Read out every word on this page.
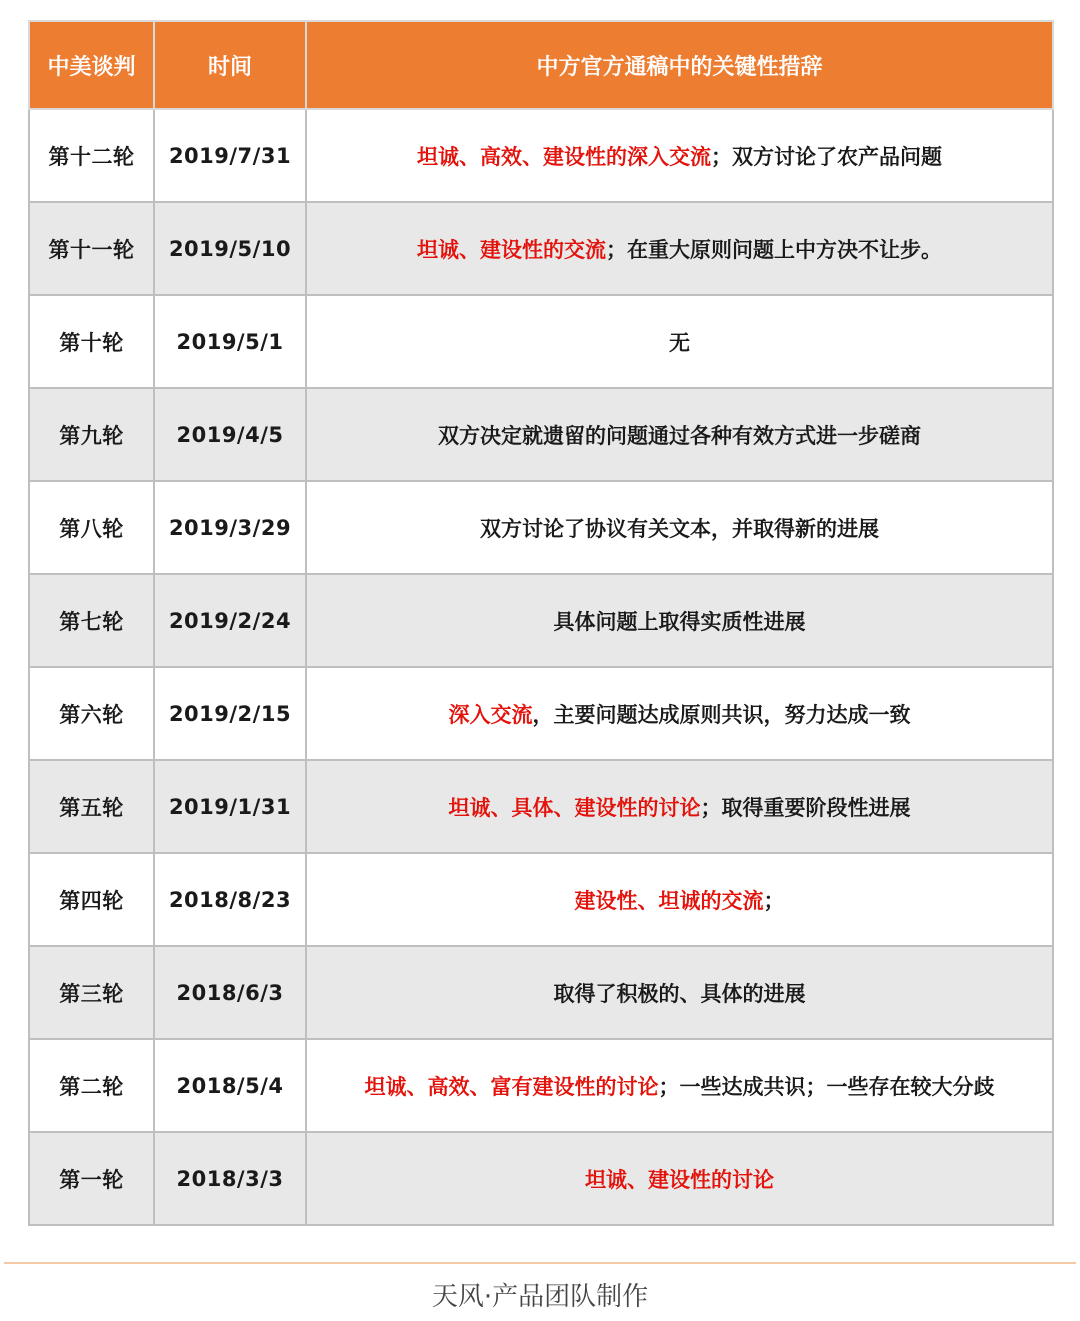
中美谈判	时间	中方官方通稿中的关键性措辞
第十二轮	2019/7/31	坦诚、高效、建设性的深入交流；双方讨论了农产品问题
第十一轮	2019/5/10	坦诚、建设性的交流；在重大原则问题上中方决不让步。
第十轮	2019/5/1	无
第九轮	2019/4/5	双方决定就遗留的问题通过各种有效方式进一步磋商
第八轮	2019/3/29	双方讨论了协议有关文本，并取得新的进展
第七轮	2019/2/24	具体问题上取得实质性进展
第六轮	2019/2/15	深入交流，主要问题达成原则共识，努力达成一致
第五轮	2019/1/31	坦诚、具体、建设性的讨论；取得重要阶段性进展
第四轮	2018/8/23	建设性、坦诚的交流；
第三轮	2018/6/3	取得了积极的、具体的进展
第二轮	2018/5/4	坦诚、高效、富有建设性的讨论；一些达成共识；一些存在较大分歧
第一轮	2018/3/3	坦诚、建设性的讨论
天风·产品团队制作
